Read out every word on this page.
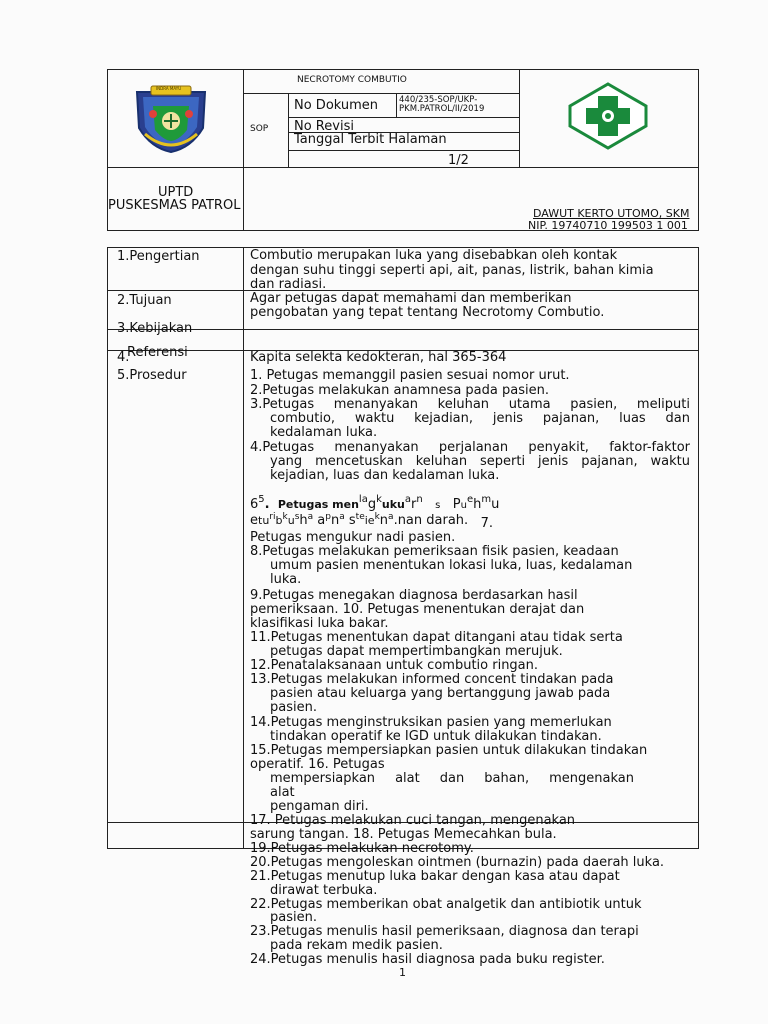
INDRA MAYU
NECROTOMY COMBUTIO
SOP
No Dokumen 440/235-SOP/UKP-
PKM.PATROL/II/2019
No Revisi
Tanggal Terbit Halaman
1/2
UPTD
PUSKESMAS PATROL
DAWUT KERTO UTOMO, SKM
NIP. 19740710 199503 1 001
1.Pengertian
2.Tujuan
3.Kebijakan
4.
Referensi
5.Prosedur
Combutio merupakan luka yang disebabkan oleh kontak
dengan suhu tinggi seperti api, ait, panas, listrik, bahan kimia
dan radiasi.
Agar petugas dapat memahami dan memberikan
pengobatan yang tepat tentang Necrotomy Combutio.
Kapita selekta kedokteran, hal 365-364
1. Petugas memanggil pasien sesuai nomor urut.
2.Petugas melakukan anamnesa pada pasien.
3.Petugas menanyakan keluhan utama pasien, meliputi
combutio, waktu kejadian, jenis pajanan, luas dan
kedalaman luka.
4.Petugas menanyakan perjalanan penyakit, faktor-faktor
yang mencetuskan keluhan seperti jenis pajanan, waktu
kejadian, luas dan kedalaman luka.
$6^5$. Petugas $men^{la}g^kuku^ar^n$   s $Pu^eh^mu$
$etu^{ri}b^ku^sh^a$ $a^pn^a$ $s^{te}ie^kn^a.nan$ darah. 7.
Petugas mengukur nadi pasien.
8.Petugas melakukan pemeriksaan fisik pasien, keadaan
umum pasien menentukan lokasi luka, luas, kedalaman
luka.
9.Petugas menegakan diagnosa berdasarkan hasil
pemeriksaan. 10. Petugas menentukan derajat dan
klasifikasi luka bakar.
11.Petugas menentukan dapat ditangani atau tidak serta
petugas dapat mempertimbangkan merujuk.
12.Penatalaksanaan untuk combutio ringan.
13.Petugas melakukan informed concent tindakan pada
pasien atau keluarga yang bertanggung jawab pada
pasien.
14.Petugas menginstruksikan pasien yang memerlukan
tindakan operatif ke IGD untuk dilakukan tindakan.
15.Petugas mempersiapkan pasien untuk dilakukan tindakan
operatif. 16. Petugas
mempersiapkan alat dan bahan, mengenakan
alat
pengaman diri.
17. Petugas melakukan cuci tangan, mengenakan
sarung tangan. 18. Petugas Memecahkan bula.
19.Petugas melakukan necrotomy.
20.Petugas mengoleskan ointmen (burnazin) pada daerah luka.
21.Petugas menutup luka bakar dengan kasa atau dapat
dirawat terbuka.
22.Petugas memberikan obat analgetik dan antibiotik untuk
pasien.
23.Petugas menulis hasil pemeriksaan, diagnosa dan terapi
pada rekam medik pasien.
24.Petugas menulis hasil diagnosa pada buku register.
1
